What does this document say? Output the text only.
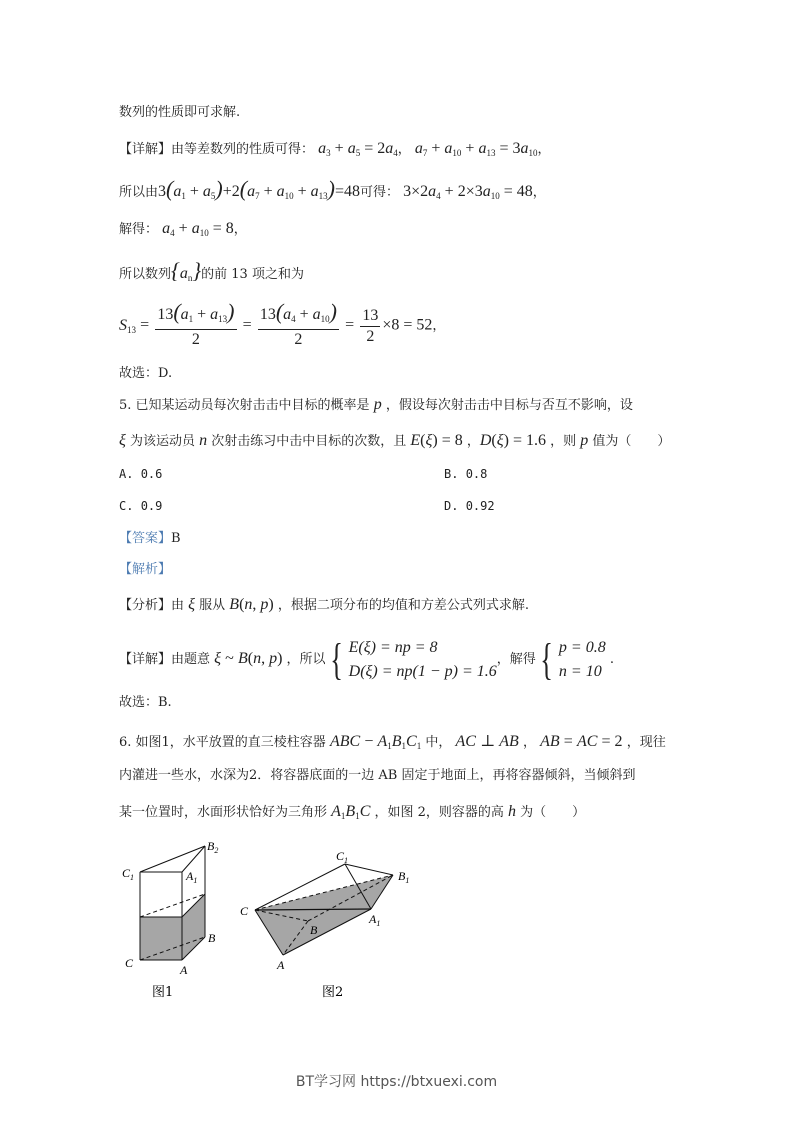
数列的性质即可求解.
【详解】由等差数列的性质可得： $a_3 + a_5 = 2a_4$， $a_7 + a_{10} + a_{13} = 3a_{10}$，
所以由$3(a_1 + a_5)+2(a_7 + a_{10} + a_{13})=48$可得： $3\times 2a_4 + 2\times 3a_{10} = 48$，
解得： $a_4 + a_{10} = 8$，
所以数列$\{a_n\}$的前 13 项之和为
$S_{13} = \frac{13(a_1 + a_{13})}{2} = \frac{13(a_4 + a_{10})}{2} = \frac{13}{2} \times 8 = 52$，
故选：D.
5. 已知某运动员每次射击击中目标的概率是 p ，假设每次射击击中目标与否互不影响，设
ξ 为该运动员 n 次射击练习中击中目标的次数，且 E(ξ) = 8 ，D(ξ) = 1.6 ，则 p 值为（　　）
A. 0.6	B. 0.8
C. 0.9	D. 0.92
【答案】B
【解析】
【分析】由 ξ 服从 B(n, p) ，根据二项分布的均值和方差公式列式求解.
【详解】由题意 ξ ~ B(n, p) ，所以 { E(ξ) = np = 8
D(ξ) = np(1 − p) = 1.6
，解得 { p = 0.8
n = 10
.
故选：B.
6. 如图1，水平放置的直三棱柱容器 ABC − $A_1B_1C_1$ 中， AC ⊥ AB ， AB = AC = 2 ，现往
内灌进一些水，水深为2．将容器底面的一边 AB 固定于地面上，再将容器倾斜，当倾斜到
某一位置时，水面形状恰好为三角形 $A_1B_1C$ ，如图 2，则容器的高 h 为（　　）
$C_1$	$A_1$
$B_2$
B
C	A
图1
$C_1$
$B_1$
$A_1$
C
B
A
图2
BT学习网 https://btxuexi.com
